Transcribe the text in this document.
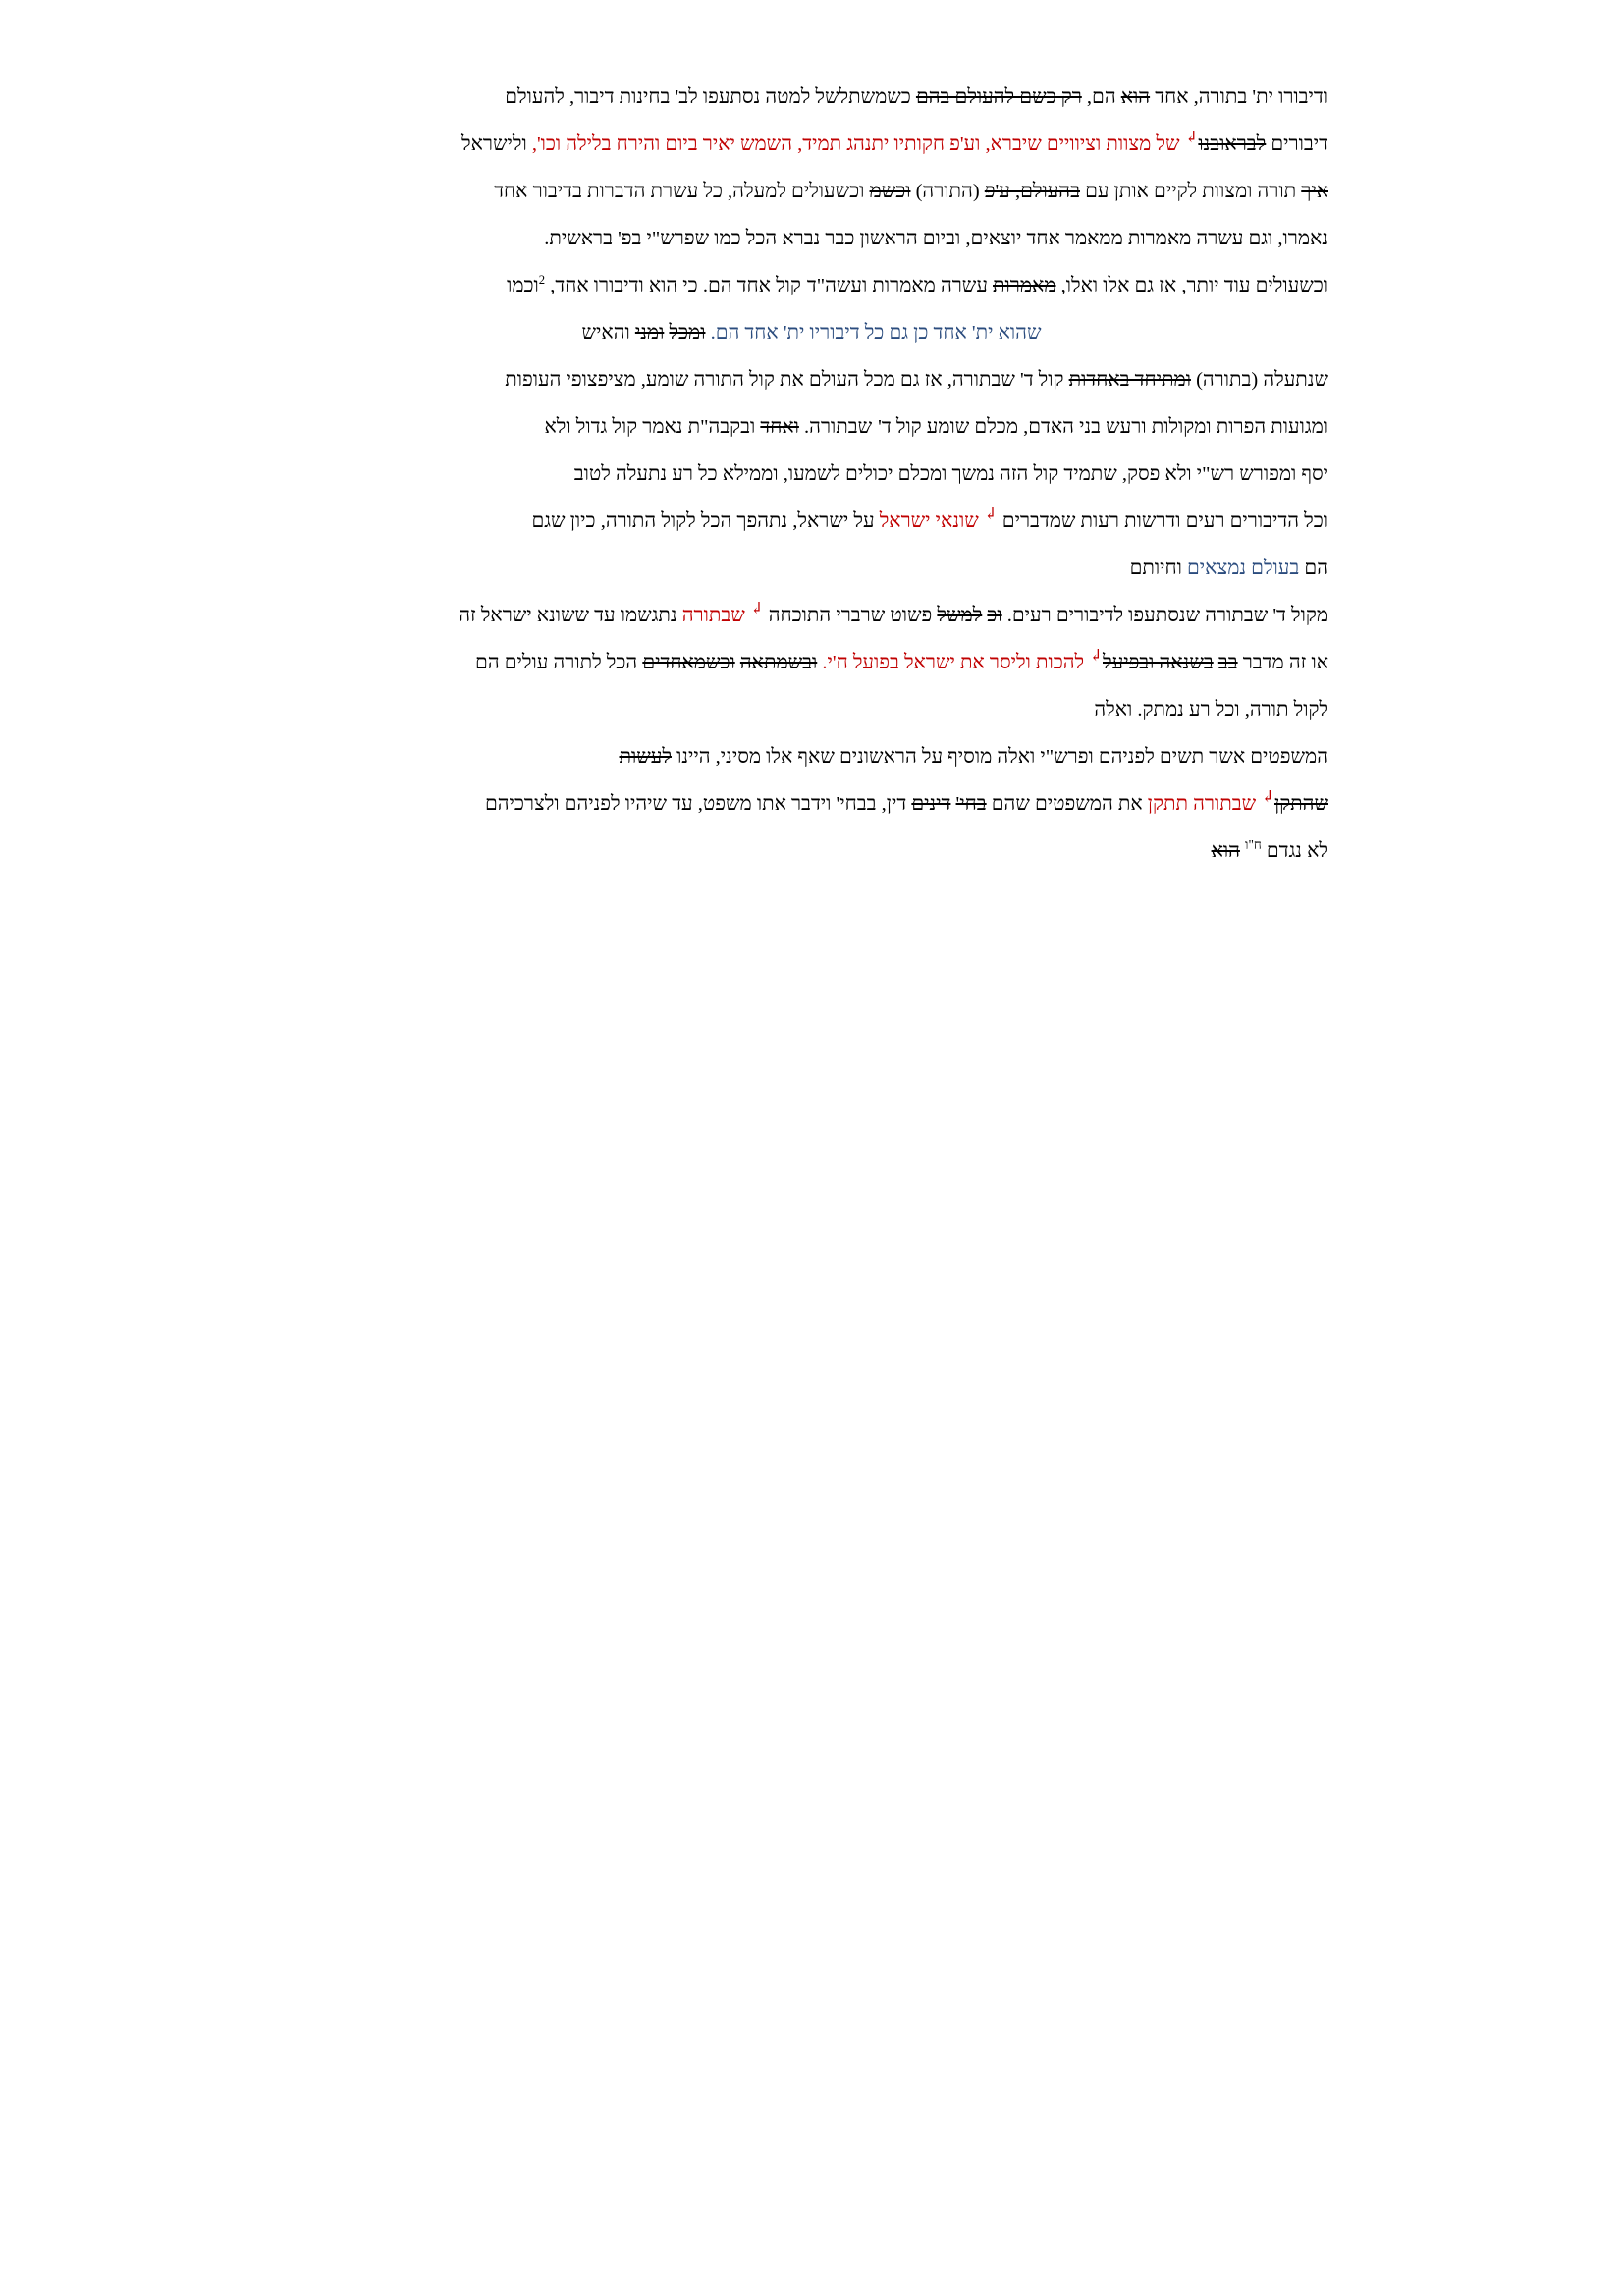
ודיבורו ית' בתורה, אחד הוא הם, רק כשם להעולם בהם כשמשתלשל למטה נסתעפו לב' בחינות דיבור, להעולם

דיבורים לבראובנו↲ של מצוות וציוויים שיברא, וע'פ חקותיו יתנהג תמיד, השמש יאיר ביום והירח בלילה וכו', ולישראל

איך תורה ומצוות לקיים אותן עם בהעולם, ע'פ (התורה) וכשמ וכשעולים למעלה, כל עשרת הדברות בדיבור אחד

נאמרו, וגם עשרה מאמרות ממאמר אחד יוצאים, וביום הראשון כבר נברא הכל כמו שפרש"י בפ' בראשית.

וכשעולים עוד יותר, אז גם אלו ואלו, מאמרות עשרה מאמרות ועשה"דקול אחד הם. כי הוא ודיבורו אחד, $^2$וכמו

שהוא ית' אחד כן גם כל דיבוריו ית' אחד הם. ומכל ומני והאיש

שנתעלה (בתורה) ומתיחד באחדות קול ד' שבתורה, אז גם מכל העולם את קול התורה שומע, מציפצופי העופות

ומגועות הפרות ומקולות ורעש בני האדם, מכלם שומע קול ד'שבתורה. ואחד ובקבה"ת נאמר קול גדול ולא

יסף ומפורש רש"י ולא פסק, שתמיד קול הזה נמשך ומכלם יכולים לשמעו, וממילא כל רע נתעלה לטוב

וכל הדיבורים רעים ודרשות רעות שמדברים ↲ שונאי ישראל על ישראל, נתהפך הכל לקול התורה, כיון שגם

הם בעולם נמצאים וחיותם

מקול ד' שבתורה שנסתעפו לדיבורים רעים. וכ למשל פשוט שרברי התוכחה ↲ שבתורה נתגשמו עד ששונא ישראל זה

או זה מדבר בב בשנאה ובפיעל↲ להכות וליסר את ישראל בפועל ח'י. ובשמתאה וכשמאחדים הכל לתורה עולים הם

לקול תורה, וכל רע נמתק. ואלה

המשפטים אשר תשים לפניהם ופרש"י ואלה מוסיף על הראשונים שאף אלו מסיני, היינו לעשות

שהתקן↲ שבתורה תתקן את המשפטים שהם בחי' דינים דין, בבחי' וידבר אתו משפט, עד שיהיו לפניהם ולצרכיהם

לא נגדם $^{ח"ו}$ הוא
